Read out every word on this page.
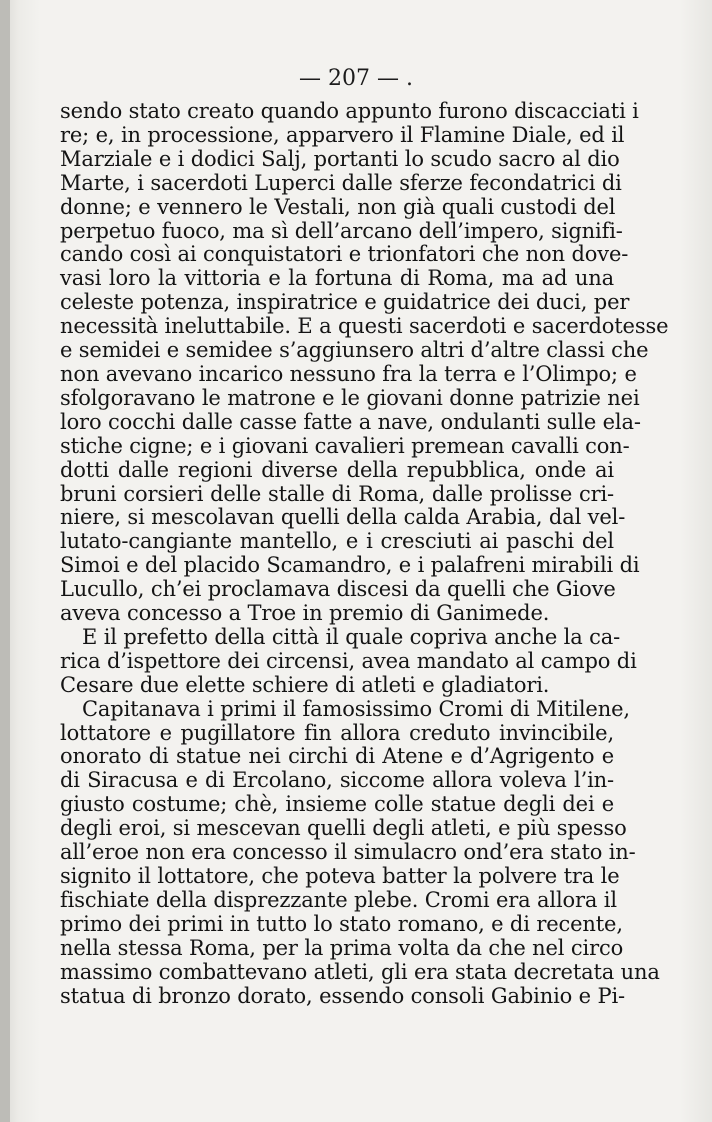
— 207 — .

sendo stato creato quando appunto furono discacciati i
re; e, in processione, apparvero il Flamine Diale, ed il
Marziale e i dodici Salj, portanti lo scudo sacro al dio
Marte, i sacerdoti Luperci dalle sferze fecondatrici di
donne; e vennero le Vestali, non già quali custodi del
perpetuo fuoco, ma sì dell’arcano dell’impero, signifi-
cando così ai conquistatori e trionfatori che non dove-
vasi loro la vittoria e la fortuna di Roma, ma ad una
celeste potenza, inspiratrice e guidatrice dei duci, per
necessità ineluttabile. E a questi sacerdoti e sacerdotesse
e semidei e semidee s’aggiunsero altri d’altre classi che
non avevano incarico nessuno fra la terra e l’Olimpo; e
sfolgoravano le matrone e le giovani donne patrizie nei
loro cocchi dalle casse fatte a nave, ondulanti sulle ela-
stiche cigne; e i giovani cavalieri premean cavalli con-
dotti dalle regioni diverse della repubblica, onde ai
bruni corsieri delle stalle di Roma, dalle prolisse cri-
niere, si mescolavan quelli della calda Arabia, dal vel-
lutato-cangiante mantello, e i cresciuti ai paschi del
Simoi e del placido Scamandro, e i palafreni mirabili di
Lucullo, ch’ei proclamava discesi da quelli che Giove
aveva concesso a Troe in premio di Ganimede.
E il prefetto della città il quale copriva anche la ca-
rica d’ispettore dei circensi, avea mandato al campo di
Cesare due elette schiere di atleti e gladiatori.
Capitanava i primi il famosissimo Cromi di Mitilene,
lottatore e pugillatore fin allora creduto invincibile,
onorato di statue nei circhi di Atene e d’Agrigento e
di Siracusa e di Ercolano, siccome allora voleva l’in-
giusto costume; chè, insieme colle statue degli dei e
degli eroi, si mescevan quelli degli atleti, e più spesso
all’eroe non era concesso il simulacro ond’era stato in-
signito il lottatore, che poteva batter la polvere tra le
fischiate della disprezzante plebe. Cromi era allora il
primo dei primi in tutto lo stato romano, e di recente,
nella stessa Roma, per la prima volta da che nel circo
massimo combattevano atleti, gli era stata decretata una
statua di bronzo dorato, essendo consoli Gabinio e Pi-
